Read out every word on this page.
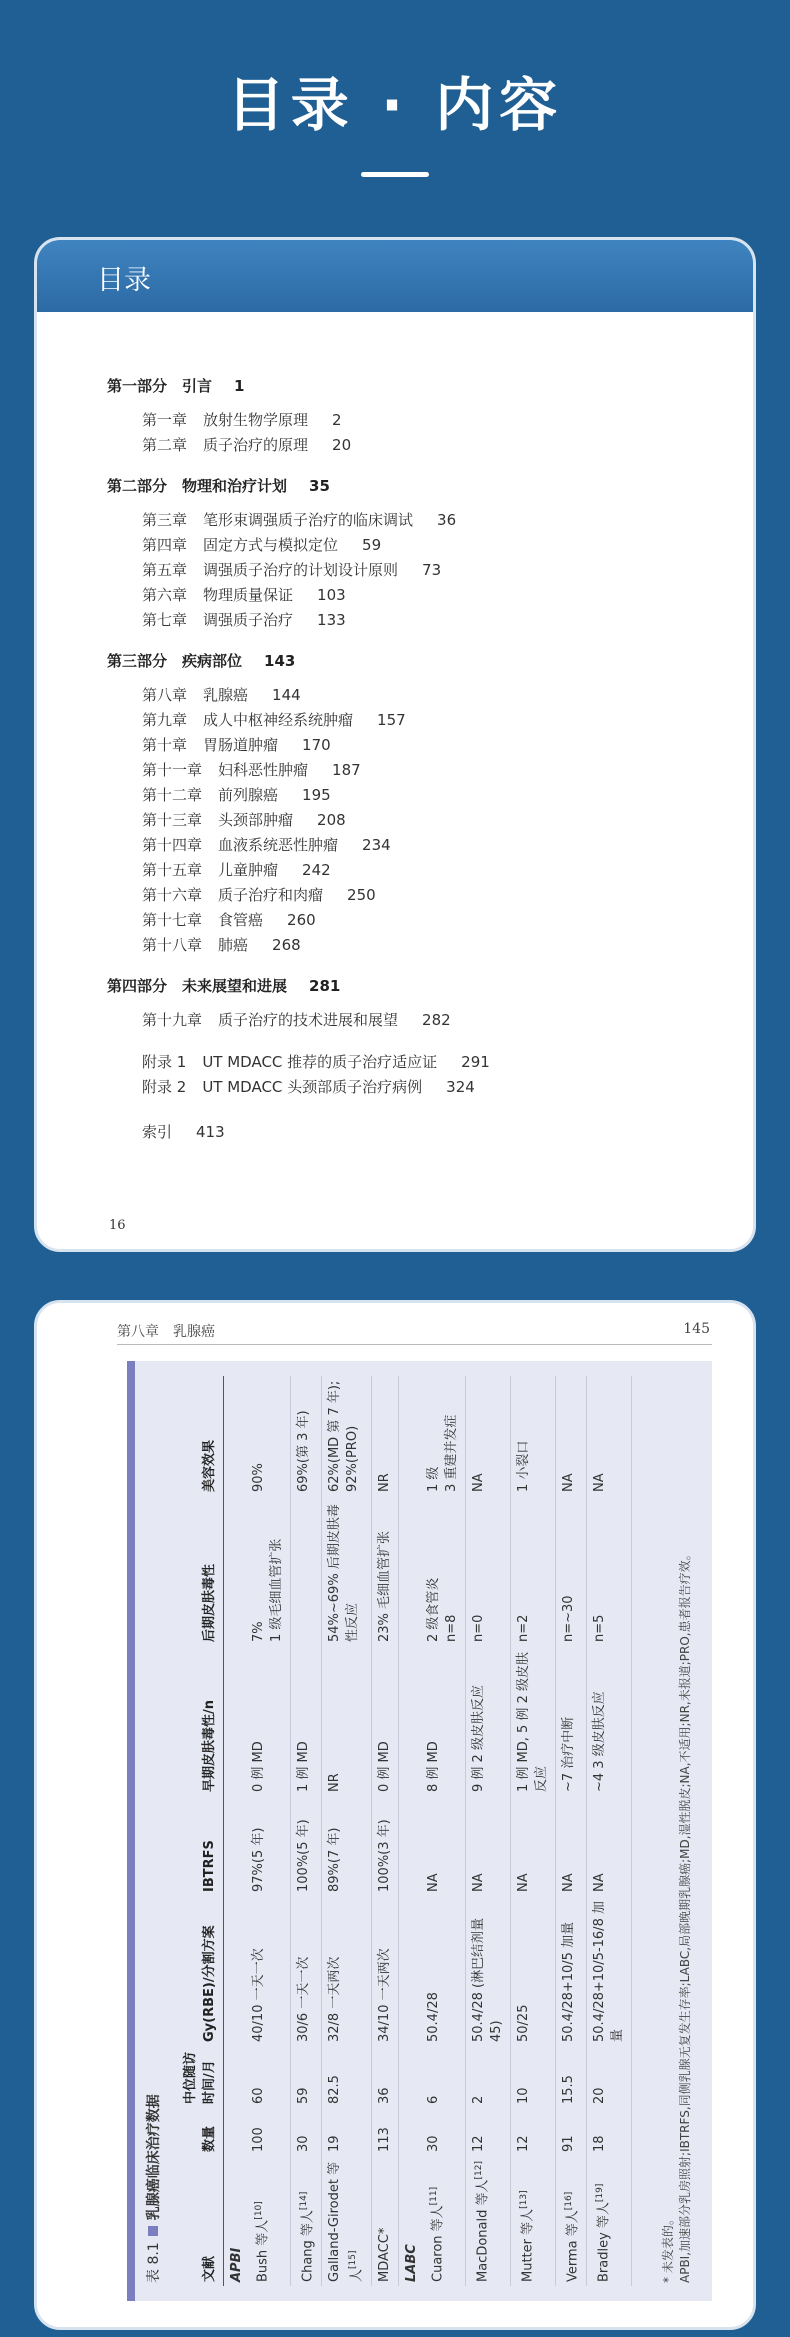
目录 · 内容
目录
第一部分　引言 1
第一章 放射生物学原理 2
第二章 质子治疗的原理 20
第二部分　物理和治疗计划 35
第三章 笔形束调强质子治疗的临床调试 36
第四章 固定方式与模拟定位 59
第五章 调强质子治疗的计划设计原则 73
第六章 物理质量保证 103
第七章 调强质子治疗 133
第三部分　疾病部位 143
第八章 乳腺癌 144
第九章 成人中枢神经系统肿瘤 157
第十章 胃肠道肿瘤 170
第十一章 妇科恶性肿瘤 187
第十二章 前列腺癌 195
第十三章 头颈部肿瘤 208
第十四章 血液系统恶性肿瘤 234
第十五章 儿童肿瘤 242
第十六章 质子治疗和肉瘤 250
第十七章 食管癌 260
第十八章 肺癌 268
第四部分　未来展望和进展 281
第十九章 质子治疗的技术进展和展望 282
附录 1 UT MDACC 推荐的质子治疗适应证 291
附录 2 UT MDACC 头颈部质子治疗病例 324
索引 413
16
第八章　乳腺癌	145
表 8.1乳腺癌临床治疗数据
文献	数量	中位随访时间/月	Gy(RBE)/分割方案	IBTRFS	早期皮肤毒性/n	后期皮肤毒性	美容效果
APBI							
Bush 等人[10]	100	60	40/10 一天一次	97%(5 年)	0 例 MD	7% 1 级毛细血管扩张	90%
Chang 等人[14]	30	59	30/6 一天一次	100%(5 年)	1 例 MD		69%(第 3 年)
Galland-Girodet 等人[15]	19	82.5	32/8 一天两次	89%(7 年)	NR	54%~69% 后期皮肤毒性反应	62%(MD 第 7 年); 92%(PRO)
MDACC*	113	36	34/10 一天两次	100%(3 年)	0 例 MD	23% 毛细血管扩张	NR
LABC							
Cuaron 等人[11]	30	6	50.4/28	NA	8 例 MD	2 级食管炎 n=8	1 级 3 重建并发症
MacDonald 等人[12]	12	2	50.4/28 (淋巴结剂量 45)	NA	9 例 2 级皮肤反应	n=0	NA
Mutter 等人[13]	12	10	50/25	NA	1 例 MD, 5 例 2 级皮肤反应	n=2	1 小裂口
Verma 等人[16]	91	15.5	50.4/28+10/5 加量	NA	~7 治疗中断	n=~30	NA
Bradley 等人[19]	18	20	50.4/28+10/5-16/8 加量	NA	~4 3 级皮肤反应	n=5	NA
* 未发表的。 APBI,加速部分乳房照射;IBTRFS,同侧乳腺无复发生存率;LABC,局部晚期乳腺癌;MD,湿性脱皮;NA,不适用;NR,未报道;PRO,患者报告疗效。
